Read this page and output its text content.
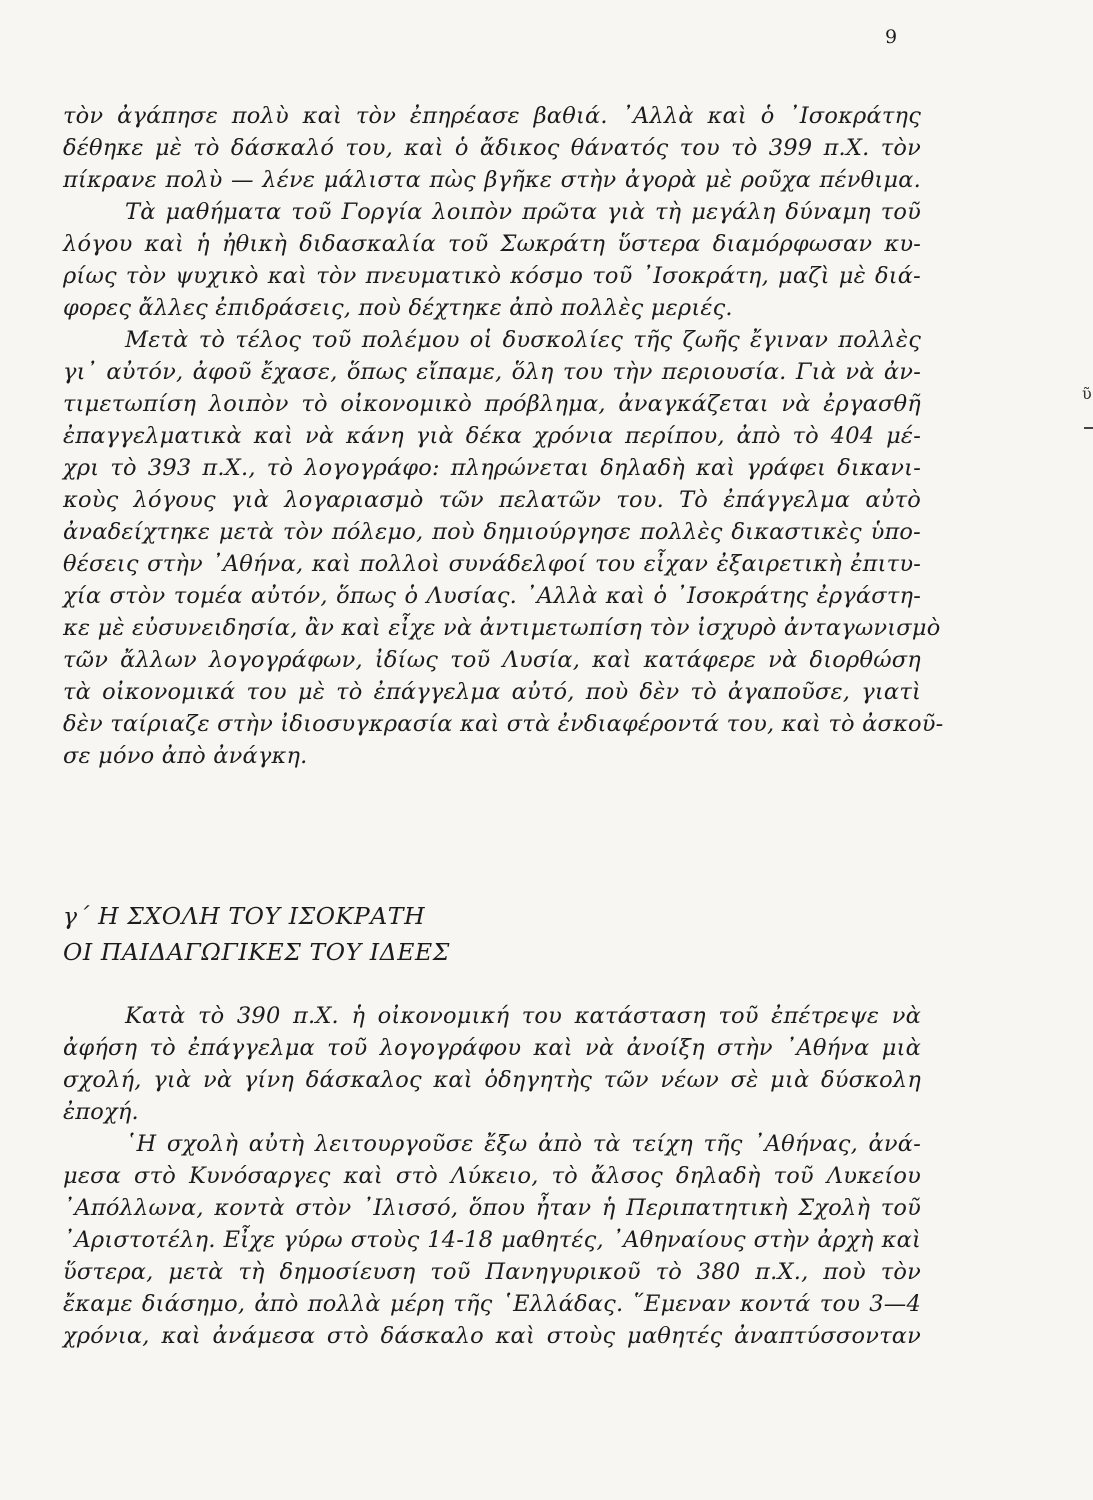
9
τὸν ἀγάπησε πολὺ καὶ τὸν ἐπηρέασε βαθιά. ᾿Αλλὰ καὶ ὁ ᾿Ισοκράτης
δέθηκε μὲ τὸ δάσκαλό του, καὶ ὁ ἄδικος θάνατός του τὸ 399 π.Χ. τὸν
πίκρανε πολὺ — λένε μάλιστα πὼς βγῆκε στὴν ἀγορὰ μὲ ροῦχα πένθιμα.
Τὰ μαθήματα τοῦ Γοργία λοιπὸν πρῶτα γιὰ τὴ μεγάλη δύναμη τοῦ
λόγου καὶ ἡ ἠθικὴ διδασκαλία τοῦ Σωκράτη ὕστερα διαμόρφωσαν κυ-
ρίως τὸν ψυχικὸ καὶ τὸν πνευματικὸ κόσμο τοῦ ᾿Ισοκράτη, μαζὶ μὲ διά-
φορες ἄλλες ἐπιδράσεις, ποὺ δέχτηκε ἀπὸ πολλὲς μεριές.
Μετὰ τὸ τέλος τοῦ πολέμου οἱ δυσκολίες τῆς ζωῆς ἔγιναν πολλὲς
γι᾿ αὐτόν, ἀφοῦ ἔχασε, ὅπως εἴπαμε, ὅλη του τὴν περιουσία. Γιὰ νὰ ἀν-
τιμετωπίση λοιπὸν τὸ οἰκονομικὸ πρόβλημα, ἀναγκάζεται νὰ ἐργασθῆ
ἐπαγγελματικὰ καὶ νὰ κάνη γιὰ δέκα χρόνια περίπου, ἀπὸ τὸ 404 μέ-
χρι τὸ 393 π.Χ., τὸ λογογράφο: πληρώνεται δηλαδὴ καὶ γράφει δικανι-
κοὺς λόγους γιὰ λογαριασμὸ τῶν πελατῶν του. Τὸ ἐπάγγελμα αὐτὸ
ἀναδείχτηκε μετὰ τὸν πόλεμο, ποὺ δημιούργησε πολλὲς δικαστικὲς ὑπο-
θέσεις στὴν ᾿Αθήνα, καὶ πολλοὶ συνάδελφοί του εἶχαν ἐξαιρετικὴ ἐπιτυ-
χία στὸν τομέα αὐτόν, ὅπως ὁ Λυσίας. ᾿Αλλὰ καὶ ὁ ᾿Ισοκράτης ἐργάστη-
κε μὲ εὐσυνειδησία, ἂν καὶ εἶχε νὰ ἀντιμετωπίση τὸν ἰσχυρὸ ἀνταγωνισμὸ
τῶν ἄλλων λογογράφων, ἰδίως τοῦ Λυσία, καὶ κατάφερε νὰ διορθώση
τὰ οἰκονομικά του μὲ τὸ ἐπάγγελμα αὐτό, ποὺ δὲν τὸ ἀγαποῦσε, γιατὶ
δὲν ταίριαζε στὴν ἰδιοσυγκρασία καὶ στὰ ἐνδιαφέροντά του, καὶ τὸ ἀσκοῦ-
σε μόνο ἀπὸ ἀνάγκη.
γ΄ Η ΣΧΟΛΗ ΤΟΥ ΙΣΟΚΡΑΤΗ
ΟΙ ΠΑΙΔΑΓΩΓΙΚΕΣ ΤΟΥ ΙΔΕΕΣ
Κατὰ τὸ 390 π.Χ. ἡ οἰκονομική του κατάσταση τοῦ ἐπέτρεψε νὰ
ἀφήση τὸ ἐπάγγελμα τοῦ λογογράφου καὶ νὰ ἀνοίξη στὴν ᾿Αθήνα μιὰ
σχολή, γιὰ νὰ γίνη δάσκαλος καὶ ὁδηγητὴς τῶν νέων σὲ μιὰ δύσκολη
ἐποχή.
῾Η σχολὴ αὐτὴ λειτουργοῦσε ἔξω ἀπὸ τὰ τείχη τῆς ᾿Αθήνας, ἀνά-
μεσα στὸ Κυνόσαργες καὶ στὸ Λύκειο, τὸ ἄλσος δηλαδὴ τοῦ Λυκείου
᾿Απόλλωνα, κοντὰ στὸν ᾿Ιλισσό, ὅπου ἦταν ἡ Περιπατητικὴ Σχολὴ τοῦ
᾿Αριστοτέλη. Εἶχε γύρω στοὺς 14-18 μαθητές, ᾿Αθηναίους στὴν ἀρχὴ καὶ
ὕστερα, μετὰ τὴ δημοσίευση τοῦ Πανηγυρικοῦ τὸ 380 π.Χ., ποὺ τὸν
ἔκαμε διάσημο, ἀπὸ πολλὰ μέρη τῆς ῾Ελλάδας. ῞Εμεναν κοντά του 3—4
χρόνια, καὶ ἀνάμεσα στὸ δάσκαλο καὶ στοὺς μαθητές ἀναπτύσσονταν
ῦ
